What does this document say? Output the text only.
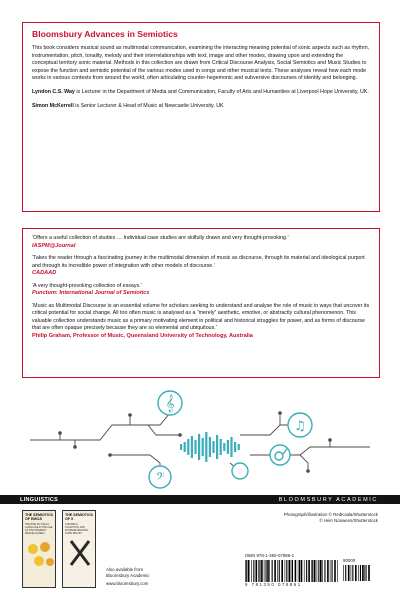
Bloomsbury Advances in Semiotics

This book considers musical sound as multimodal communication, examining the interacting meaning potential of sonic aspects such as rhythm, instrumentation, pitch, tonality, melody and their interrelationships with text, image and other modes, drawing upon and extending the conceptual territory sonic material. Methods in this collection are drawn from Critical Discourse Analysis, Social Semiotics and Music Studies to expose the function and semiotic potential of the various modes used in songs and other musical texts. These analyses reveal how each mode works in various contexts from around the world, often articulating counter-hegemonic and subversive discourses of identity and belonging.

Lyndon C.S. Way is Lecturer in the Department of Media and Communication, Faculty of Arts and Humanities at Liverpool Hope University, UK.

Simon McKerrell is Senior Lecturer & Head of Music at Newcastle University, UK

‘Offers a useful collection of studies … Individual case studies are skilfully drawn and very thought-provoking.’

IASPM@Journal

‘Takes the reader through a fascinating journey in the multimodal dimension of music as discourse, through its material and ideological purport and through its incredible power of integration with other models of discourse.’

CADAAD

‘A very thought-provoking collection of essays.’

Punctum: International Journal of Semiotics

‘Music as Multimodal Discourse is an essential volume for scholars seeking to understand and analyse the role of music in ways that uncover its critical potential for social change. All too often music is analysed as a “merely” aesthetic, emotive, or abstractly cultural phenomenon. This valuable collection understands music as a primary motivating element in political and historical struggles for power, and as forms of discourse that are often opaque precisely because they are so elemental and ubiquitous.’

Philip Graham, Professor of Music, Queensland University of Technology, Australia

𝄞
♫
𝄢
LINGUISTICS	BLOOMSBURY ACADEMIC
THE SEMIOTICS OF EMOJI
THE RISE OF VISUAL LANGUAGE IN THE AGE OF THE INTERNET
MARCEL DANESI
THE SEMIOTICS OF X
CHIASMUS, COGNITION, AND EXTREME MEANING
JAMIN PELKEY
Also available from
Bloomsbury Academic
www.bloomsbury.com
Photograph/illustration © RedKoala/Shutterstock
© Hein Nouwens/Shutterstock
ISBN 978-1-350-07986-1
9 781350 079861
90000
